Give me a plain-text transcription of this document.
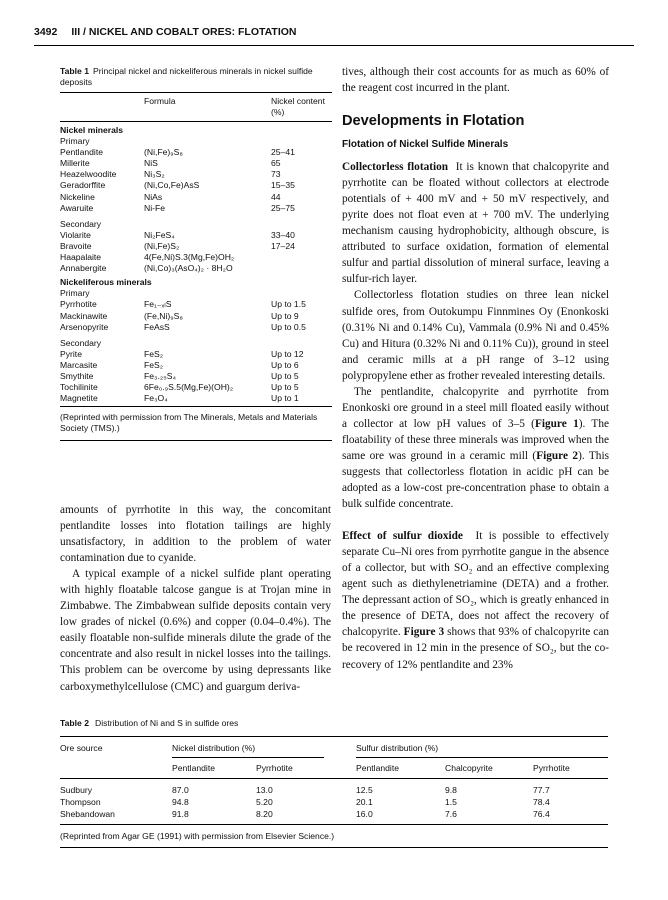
3492 III / NICKEL AND COBALT ORES: FLOTATION
Table 1 Principal nickel and nickeliferous minerals in nickel sulfide deposits
Formula	Nickel content (%)
Nickel minerals
Primary
Pentlandite	(Ni,Fe)₉S₈	25–41
Millerite	NiS	65
Heazelwoodite	Ni₃S₂	73
Geradorffite	(Ni,Co,Fe)AsS	15–35
Nickeline	NiAs	44
Awaruite	Ni-Fe	25–75
Secondary
Violarite	Ni₂FeS₄	33–40
Bravoite	(Ni,Fe)S₂	17–24
Haapalaite	4(Fe,Ni)S.3(Mg,Fe)OH₂
Annabergite	(Ni,Co)₃(AsO₄)₂ · 8H₂O
Nickeliferous minerals
Primary
Pyrrhotite	Fe₁₋ₓₗS	Up to 1.5
Mackinawite	(Fe,Ni)₉S₈	Up to 9
Arsenopyrite	FeAsS	Up to 0.5
Secondary
Pyrite	FeS₂	Up to 12
Marcasite	FeS₂	Up to 6
Smythite	Fe₃.₂₅S₄	Up to 5
Tochilinite	6Fe₀.₉S.5(Mg,Fe)(OH)₂	Up to 5
Magnetite	Fe₃O₄	Up to 1
(Reprinted with permission from The Minerals, Metals and Materials Society (TMS).)

amounts of pyrrhotite in this way, the concomitant pentlandite losses into flotation tailings are highly unsatisfactory, in addition to the problem of water contamination due to cyanide.

A typical example of a nickel sulfide plant operating with highly floatable talcose gangue is at Trojan mine in Zimbabwe. The Zimbabwean sulfide deposits contain very low grades of nickel (0.6%) and copper (0.04–0.4%). The easily floatable non-sulfide minerals dilute the grade of the concentrate and also result in nickel losses into the tailings. This problem can be overcome by using depressants like carboxymethylcellulose (CMC) and guargum deriva-

tives, although their cost accounts for as much as 60% of the reagent cost incurred in the plant.

Developments in Flotation
Flotation of Nickel Sulfide Minerals

Collectorless flotation It is known that chalcopyrite and pyrrhotite can be floated without collectors at electrode potentials of + 400 mV and + 50 mV respectively, and pyrite does not float even at + 700 mV. The underlying mechanism causing hydrophobicity, although obscure, is attributed to surface oxidation, formation of elemental sulfur and partial dissolution of mineral surface, leaving a sulfur-rich layer.

Collectorless flotation studies on three lean nickel sulfide ores, from Outokumpu Finnmines Oy (Enonkoski (0.31% Ni and 0.14% Cu), Vammala (0.9% Ni and 0.45% Cu) and Hitura (0.32% Ni and 0.11% Cu)), ground in steel and ceramic mills at a pH range of 3–12 using polypropylene ether as frother revealed interesting details.

The pentlandite, chalcopyrite and pyrrhotite from Enonkoski ore ground in a steel mill floated easily without a collector at low pH values of 3–5 (Figure 1). The floatability of these three minerals was improved when the same ore was ground in a ceramic mill (Figure 2). This suggests that collectorless flotation in acidic pH can be adopted as a low-cost pre-concentration phase to obtain a bulk sulfide concentrate.

Effect of sulfur dioxide It is possible to effectively separate Cu–Ni ores from pyrrhotite gangue in the absence of a collector, but with SO₂ and an effective complexing agent such as diethylenetriamine (DETA) and a frother. The depressant action of SO₂, which is greatly enhanced in the presence of DETA, does not affect the recovery of chalcopyrite. Figure 3 shows that 93% of chalcopyrite can be recovered in 12 min in the presence of SO₂, but the co-recovery of 12% pentlandite and 23%

Table 2 Distribution of Ni and S in sulfide ores
Ore source	Nickel distribution (%)	Sulfur distribution (%)
Pentlandite	Pyrrhotite	Pentlandite	Chalcopyrite	Pyrrhotite
Sudbury	87.0	13.0	12.5	9.8	77.7
Thompson	94.8	5.20	20.1	1.5	78.4
Shebandowan	91.8	8.20	16.0	7.6	76.4
(Reprinted from Agar GE (1991) with permission from Elsevier Science.)
